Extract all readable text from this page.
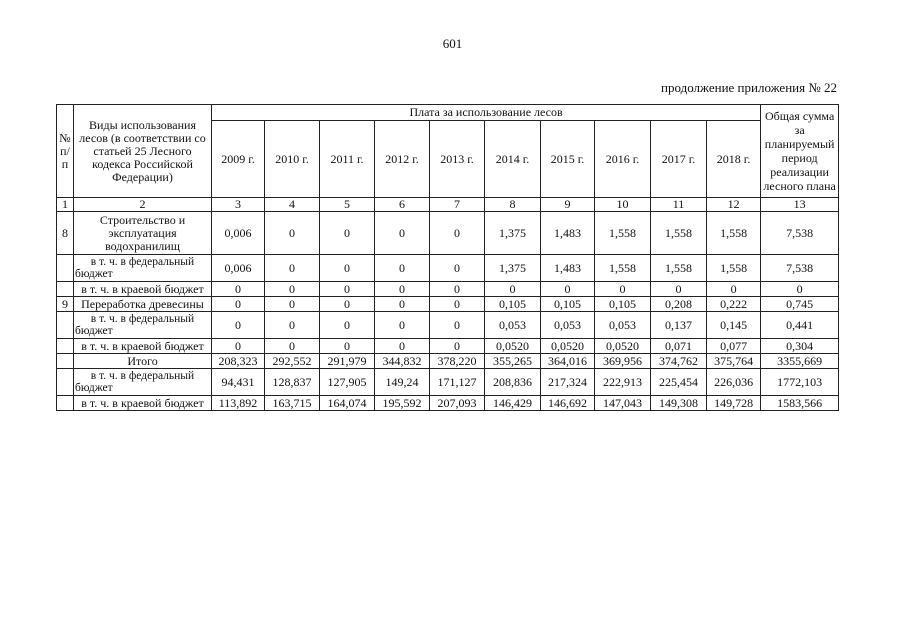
601
продолжение приложения № 22
№ п/п	Виды использования лесов (в соответствии со статьей 25 Лесного кодекса Российской Федерации)	Плата за использование лесов										Общая сумма за планируемый период реализации лесного плана
		2009 г.	2010 г.	2011 г.	2012 г.	2013 г.	2014 г.	2015 г.	2016 г.	2017 г.	2018 г.	
1	2	3	4	5	6	7	8	9	10	11	12	13
8	Строительство и эксплуатация водохранилищ	0,006	0	0	0	0	1,375	1,483	1,558	1,558	1,558	7,538
	в т. ч. в федеральный бюджет	0,006	0	0	0	0	1,375	1,483	1,558	1,558	1,558	7,538
	в т. ч. в краевой бюджет	0	0	0	0	0	0	0	0	0	0	0
9	Переработка древесины	0	0	0	0	0	0,105	0,105	0,105	0,208	0,222	0,745
	в т. ч. в федеральный бюджет	0	0	0	0	0	0,053	0,053	0,053	0,137	0,145	0,441
	в т. ч. в краевой бюджет	0	0	0	0	0	0,0520	0,0520	0,0520	0,071	0,077	0,304
	Итого	208,323	292,552	291,979	344,832	378,220	355,265	364,016	369,956	374,762	375,764	3355,669
	в т. ч. в федеральный бюджет	94,431	128,837	127,905	149,24	171,127	208,836	217,324	222,913	225,454	226,036	1772,103
	в т. ч. в краевой бюджет	113,892	163,715	164,074	195,592	207,093	146,429	146,692	147,043	149,308	149,728	1583,566
